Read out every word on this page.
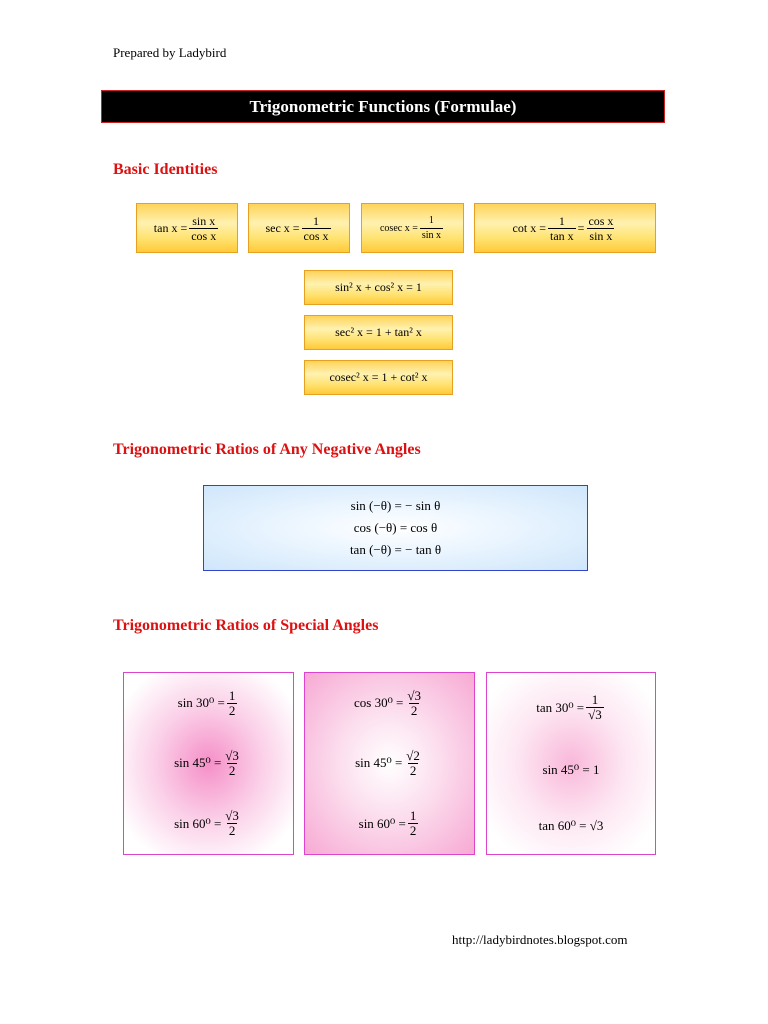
Prepared by Ladybird
Trigonometric Functions (Formulae)
Basic Identities
$\tan x = \frac{\text{sin x}}{\text{cos x}}$	$\sec x = \frac{1}{\text{cos x}}$	cosec $x = \frac{1}{\text{sin x}}$	$\cot x = \frac{1}{\text{tan x}} = \frac{\text{cos x}}{\text{sin x}}$
sin² x + cos² x = 1
sec² x = 1 + tan² x
cosec² x = 1 + cot² x
Trigonometric Ratios of Any Negative Angles
sin (−θ) = − sin θ
cos (−θ) = cos θ
tan (−θ) = − tan θ
Trigonometric Ratios of Special Angles
$\sin 30^0 = \frac{1}{2}$
$\sin 45^0 = \frac{√3}{2}$
$\sin 60^0 = \frac{√3}{2}$
$\cos 30^0 = \frac{√3}{2}$
$\sin 45^0 = \frac{√2}{2}$
$\sin 60^0 = \frac{1}{2}$
$\tan 30^0 = \frac{1}{√3}$
sin 45⁰ = 1
tan 60⁰ = √3
http://ladybirdnotes.blogspot.com
